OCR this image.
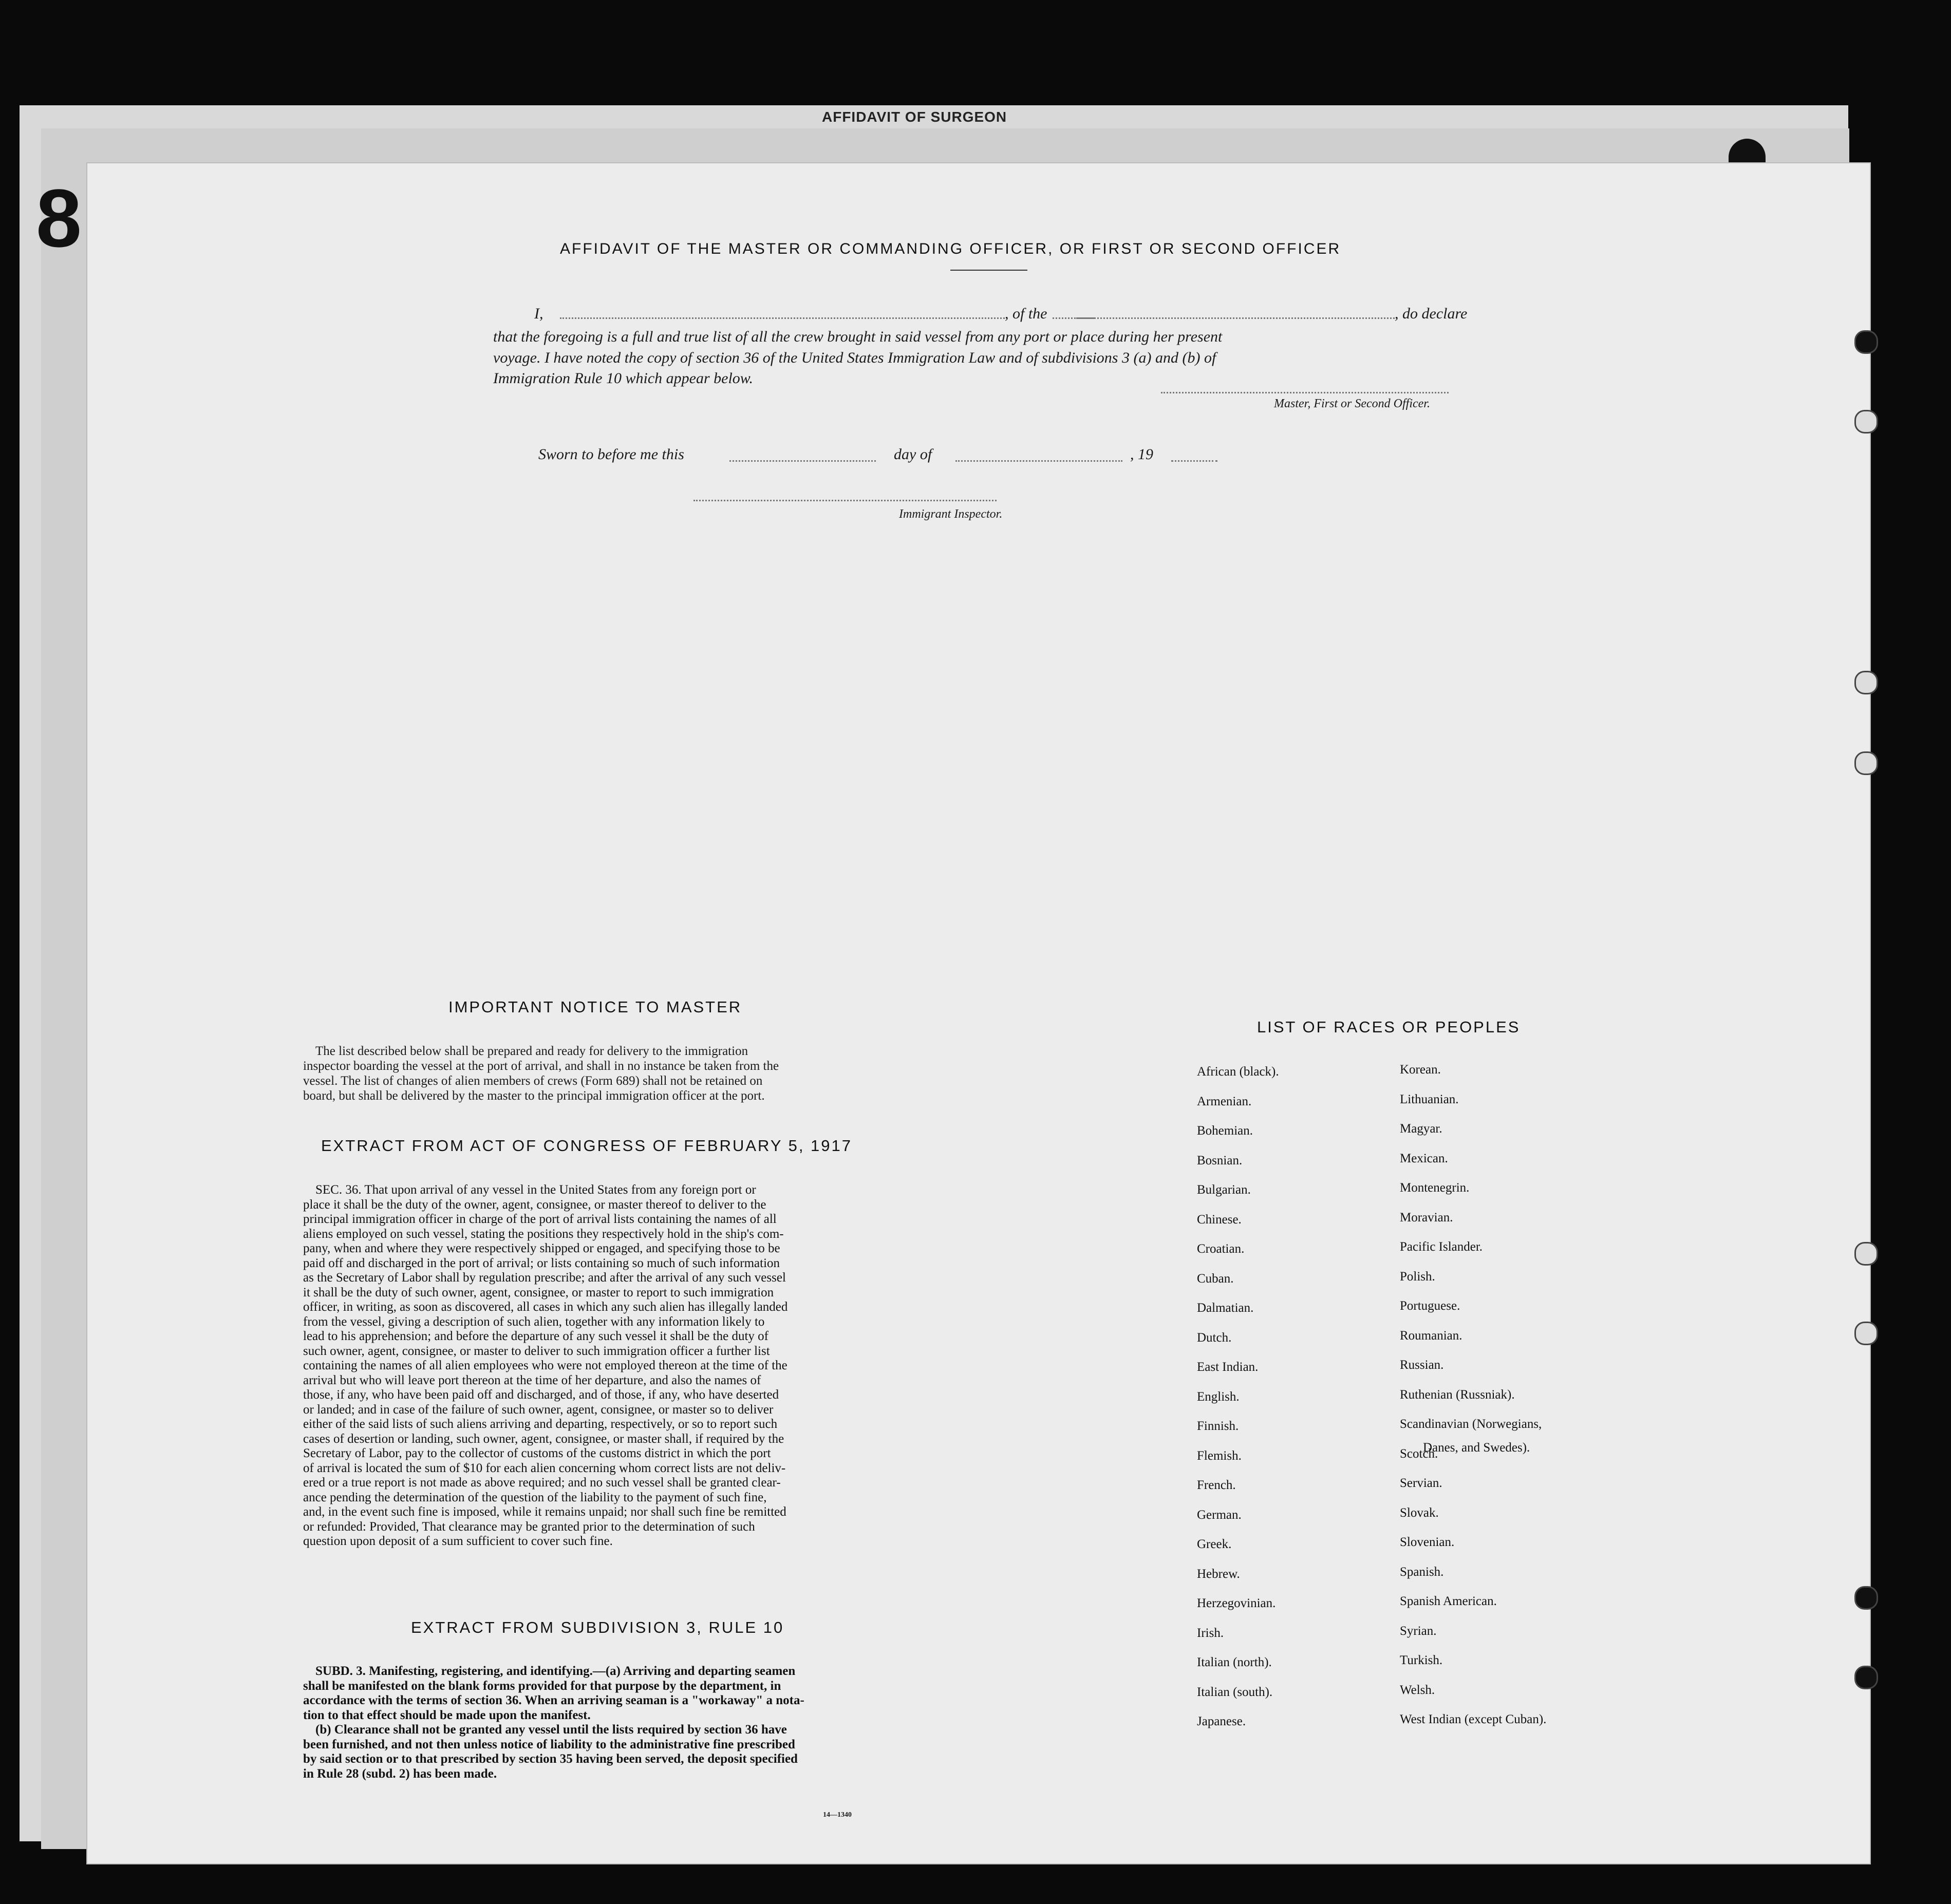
AFFIDAVIT OF SURGEON
8	AFFIDAVIT OF THE MASTER OR COMMANDING OFFICER, OR FIRST OR SECOND OFFICER
I,	, of the	, do declare
that the foregoing is a full and true list of all the crew brought in said vessel from any port or place during her present
voyage. I have noted the copy of section 36 of the United States Immigration Law and of subdivisions 3 (a) and (b) of
Immigration Rule 10 which appear below.
Master, First or Second Officer.
Sworn to before me this	day of	, 19
Immigrant Inspector.
IMPORTANT NOTICE TO MASTER
The list described below shall be prepared and ready for delivery to the immigration
inspector boarding the vessel at the port of arrival, and shall in no instance be taken from the
vessel. The list of changes of alien members of crews (Form 689) shall not be retained on
board, but shall be delivered by the master to the principal immigration officer at the port.
EXTRACT FROM ACT OF CONGRESS OF FEBRUARY 5, 1917
SEC. 36. That upon arrival of any vessel in the United States from any foreign port or
place it shall be the duty of the owner, agent, consignee, or master thereof to deliver to the
principal immigration officer in charge of the port of arrival lists containing the names of all
aliens employed on such vessel, stating the positions they respectively hold in the ship's com-
pany, when and where they were respectively shipped or engaged, and specifying those to be
paid off and discharged in the port of arrival; or lists containing so much of such information
as the Secretary of Labor shall by regulation prescribe; and after the arrival of any such vessel
it shall be the duty of such owner, agent, consignee, or master to report to such immigration
officer, in writing, as soon as discovered, all cases in which any such alien has illegally landed
from the vessel, giving a description of such alien, together with any information likely to
lead to his apprehension; and before the departure of any such vessel it shall be the duty of
such owner, agent, consignee, or master to deliver to such immigration officer a further list
containing the names of all alien employees who were not employed thereon at the time of the
arrival but who will leave port thereon at the time of her departure, and also the names of
those, if any, who have been paid off and discharged, and of those, if any, who have deserted
or landed; and in case of the failure of such owner, agent, consignee, or master so to deliver
either of the said lists of such aliens arriving and departing, respectively, or so to report such
cases of desertion or landing, such owner, agent, consignee, or master shall, if required by the
Secretary of Labor, pay to the collector of customs of the customs district in which the port
of arrival is located the sum of $10 for each alien concerning whom correct lists are not deliv-
ered or a true report is not made as above required; and no such vessel shall be granted clear-
ance pending the determination of the question of the liability to the payment of such fine,
and, in the event such fine is imposed, while it remains unpaid; nor shall such fine be remitted
or refunded: Provided, That clearance may be granted prior to the determination of such
question upon deposit of a sum sufficient to cover such fine.
EXTRACT FROM SUBDIVISION 3, RULE 10
SUBD. 3. Manifesting, registering, and identifying.—(a) Arriving and departing seamen
shall be manifested on the blank forms provided for that purpose by the department, in
accordance with the terms of section 36. When an arriving seaman is a "workaway" a nota-
tion to that effect should be made upon the manifest.
(b) Clearance shall not be granted any vessel until the lists required by section 36 have
been furnished, and not then unless notice of liability to the administrative fine prescribed
by said section or to that prescribed by section 35 having been served, the deposit specified
in Rule 28 (subd. 2) has been made.
14—1340
LIST OF RACES OR PEOPLES
African (black).
Armenian.
Bohemian.
Bosnian.
Bulgarian.
Chinese.
Croatian.
Cuban.
Dalmatian.
Dutch.
East Indian.
English.
Finnish.
Flemish.
French.
German.
Greek.
Hebrew.
Herzegovinian.
Irish.
Italian (north).
Italian (south).
Japanese.
Korean.
Lithuanian.
Magyar.
Mexican.
Montenegrin.
Moravian.
Pacific Islander.
Polish.
Portuguese.
Roumanian.
Russian.
Ruthenian (Russniak).
Scandinavian (Norwegians,
Scotch.
Servian.
Slovak.
Slovenian.
Spanish.
Spanish American.
Syrian.
Turkish.
Welsh.
West Indian (except Cuban).
Danes, and Swedes).
